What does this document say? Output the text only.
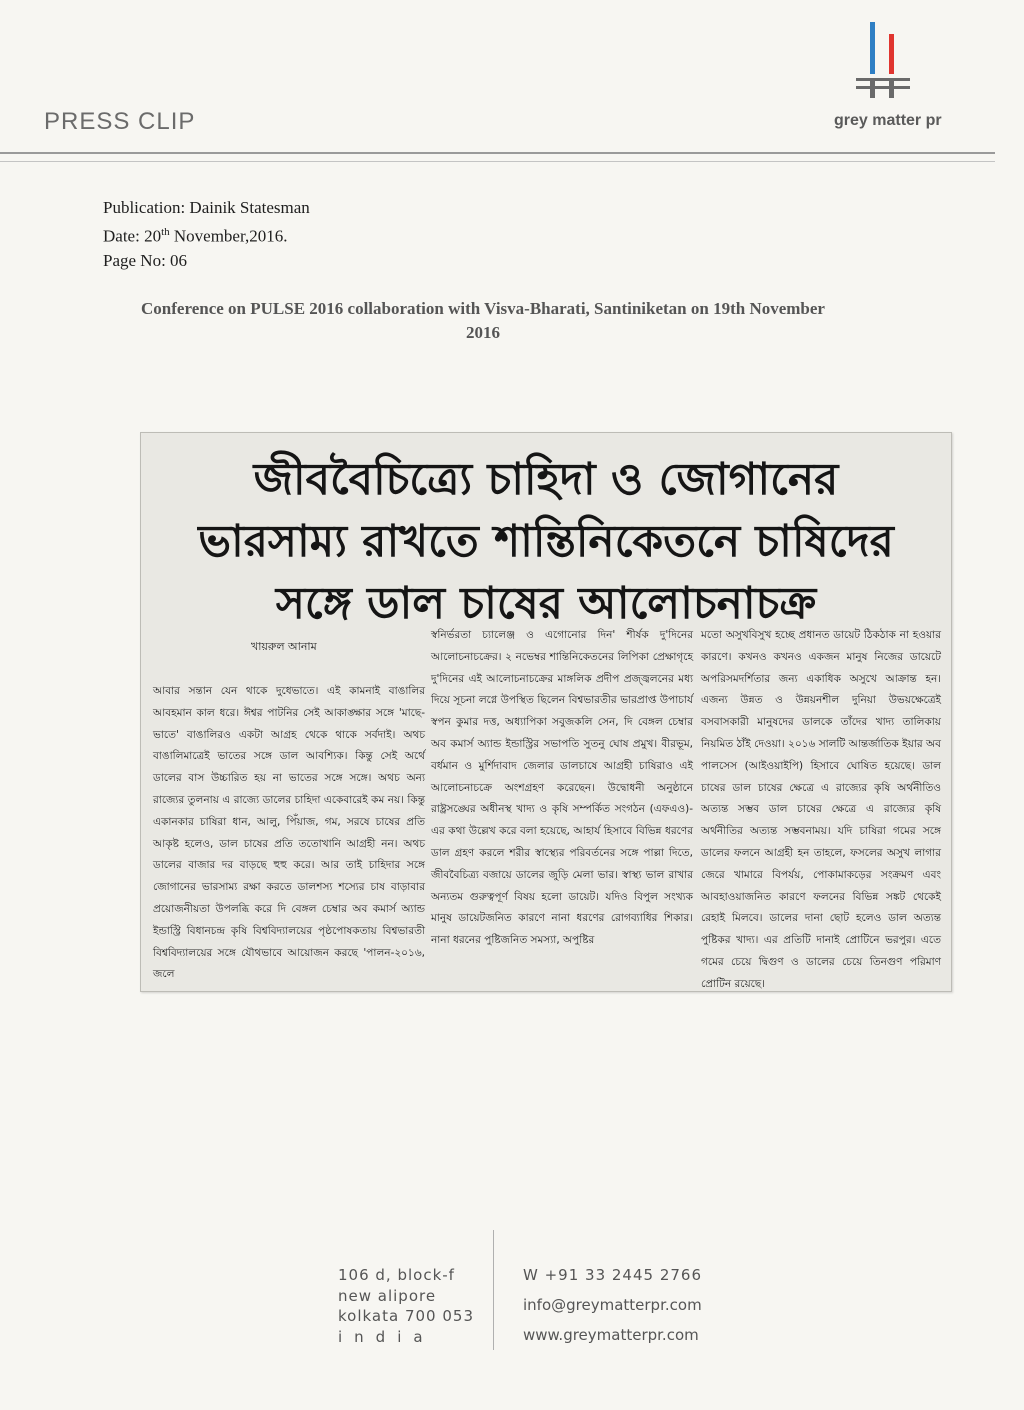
PRESS CLIP	grey matter pr
Publication: Dainik Statesman
Date: 20th November,2016.
Page No: 06
Conference on PULSE 2016 collaboration with Visva-Bharati, Santiniketan on 19th November 2016
জীববৈচিত্র্যে চাহিদা ও জোগানের
ভারসাম্য রাখতে শান্তিনিকেতনে চাষিদের
সঙ্গে ডাল চাষের আলোচনাচক্র
খায়রুল আনাম

আবার সন্তান যেন থাকে দুধেভাতে। এই কামনাই বাঙালির আবহমান কাল ধরে। ঈশ্বর পাটনির সেই আকাঙ্ক্ষার সঙ্গে 'মাছে-ভাতে' বাঙালিরও একটা আগ্রহ থেকে থাকে সর্বদাই। অথচ বাঙালিমাত্রেই ভাতের সঙ্গে ডাল আবশ্যিক। কিন্তু সেই অর্থে ডালের বাস উচ্চারিত হয় না ভাতের সঙ্গে সঙ্গে। অথচ অন্য রাজ্যের তুলনায় এ রাজ্যে ডালের চাহিদা একেবারেই কম নয়। কিন্তু একানকার চাষিরা ধান, আলু, পিঁয়াজ, গম, সরষে চাষের প্রতি আকৃষ্ট হলেও, ডাল চাষের প্রতি ততোখানি আগ্রহী নন। অথচ ডালের বাজার দর বাড়ছে হুহু করে। আর তাই চাহিদার সঙ্গে জোগানের ভারসাম্য রক্ষা করতে ডালশস্য শস্যের চাষ বাড়াবার প্রয়োজনীয়তা উপলব্ধি করে দি বেঙ্গল চেম্বার অব কমার্স অ্যান্ড ইন্ডাস্ট্রি বিধানচন্দ্র কৃষি বিশ্ববিদ্যালয়ের পৃষ্ঠপোষকতায় বিশ্বভারতী বিশ্ববিদ্যালয়ের সঙ্গে যৌথভাবে আয়োজন করছে 'পালন-২০১৬, জলে

স্বনির্ভরতা চ্যালেঞ্জ ও এগোনোর দিন' শীর্ষক দু'দিনের আলোচনাচক্রের। ২ নভেম্বর শান্তিনিকেতনের লিপিকা প্রেক্ষাগৃহে দু'দিনের এই আলোচনাচক্রের মাঙ্গলিক প্রদীপ প্রজ্জ্বলনের মধ্য দিয়ে সূচনা লগ্নে উপস্থিত ছিলেন বিশ্বভারতীর ভারপ্রাপ্ত উপাচার্য স্বপন কুমার দত্ত, অধ্যাপিকা সবুজকলি সেন, দি বেঙ্গল চেম্বার অব কমার্স অ্যান্ড ইন্ডাস্ট্রির সভাপতি সুতনু ঘোষ প্রমুখ। বীরভূম, বর্ধমান ও মুর্শিদাবাদ জেলার ডালচাষে আগ্রহী চাষিরাও এই আলোচনাচক্রে অংশগ্রহণ করেছেন। উদ্বোধনী অনুষ্ঠানে রাষ্ট্রসঙ্ঘের অধীনস্থ খাদ্য ও কৃষি সম্পর্কিত সংগঠন (এফএও)-এর কথা উল্লেখ করে বলা হয়েছে, আহার্য হিসাবে বিভিন্ন ধরণের ডাল গ্রহণ করলে শরীর স্বাস্থ্যের পরিবর্তনের সঙ্গে পাল্লা দিতে, জীববৈচিত্র্য বজায়ে ডালের জুড়ি মেলা ভার। স্বাস্থ্য ভাল রাখার অন্যতম গুরুত্বপূর্ণ বিষয় হলো ডায়েট। যদিও বিপুল সংখ্যক মানুষ ডায়েটজনিত কারণে নানা ধরণের রোগব্যাধির শিকার। নানা ধরনের পুষ্টিজনিত সমস্যা, অপুষ্টির

মতো অসুখবিসুখ হচ্ছে প্রধানত ডায়েট ঠিকঠাক না হওয়ার কারণে। কখনও কখনও একজন মানুষ নিজের ডায়েটে অপরিসমদর্শিতার জন্য একাধিক অসুখে আক্রান্ত হন। এজন্য উন্নত ও উন্নয়নশীল দুনিয়া উভয়ক্ষেত্রেই বসবাসকারী মানুষদের ডালকে তাঁদের খাদ্য তালিকায় নিয়মিত ঠাঁই দেওয়া। ২০১৬ সালটি আন্তর্জাতিক ইয়ার অব পালসেস (আইওয়াইপি) হিসাবে ঘোষিত হয়েছে। ডাল চাষের ডাল চাষের ক্ষেত্রে এ রাজ্যের কৃষি অর্থনীতিও অত্যন্ত সম্ভব ডাল চাষের ক্ষেত্রে এ রাজ্যের কৃষি অর্থনীতির অত্যন্ত সম্ভবনাময়। যদি চাষিরা গমের সঙ্গে ডালের ফলনে আগ্রহী হন তাহলে, ফসলের অসুখ লাগার জেরে খামারে বিপর্যয়, পোকামাকড়ের সংক্রমণ এবং আবহাওয়াজনিত কারণে ফলনের বিভিন্ন সঙ্কট থেকেই রেহাই মিলবে। ডালের দানা ছোট হলেও ডাল অত্যন্ত পুষ্টিকর খাদ্য। এর প্রতিটি দানাই প্রোটিনে ভরপুর। এতে গমের চেয়ে দ্বিগুণ ও ডালের চেয়ে তিনগুণ পরিমাণ প্রোটিন রয়েছে।

106 d, block-f
new alipore
kolkata 700 053
india
W +91 33 2445 2766
info@greymatterpr.com
www.greymatterpr.com
